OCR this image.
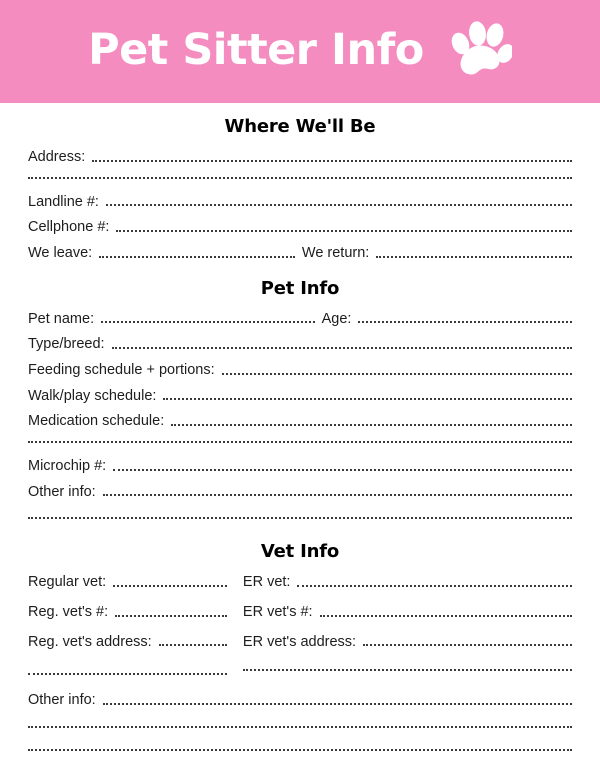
Pet Sitter Info
Where We'll Be
Address:
Landline #:
Cellphone #:
We leave:	We return:
Pet Info
Pet name:	Age:
Type/breed:
Feeding schedule + portions:
Walk/play schedule:
Medication schedule:
Microchip #:
Other info:
Vet Info
Regular vet:
Reg. vet's #:
Reg. vet's address:
ER vet:
ER vet's #:
ER vet's address:
Other info:
